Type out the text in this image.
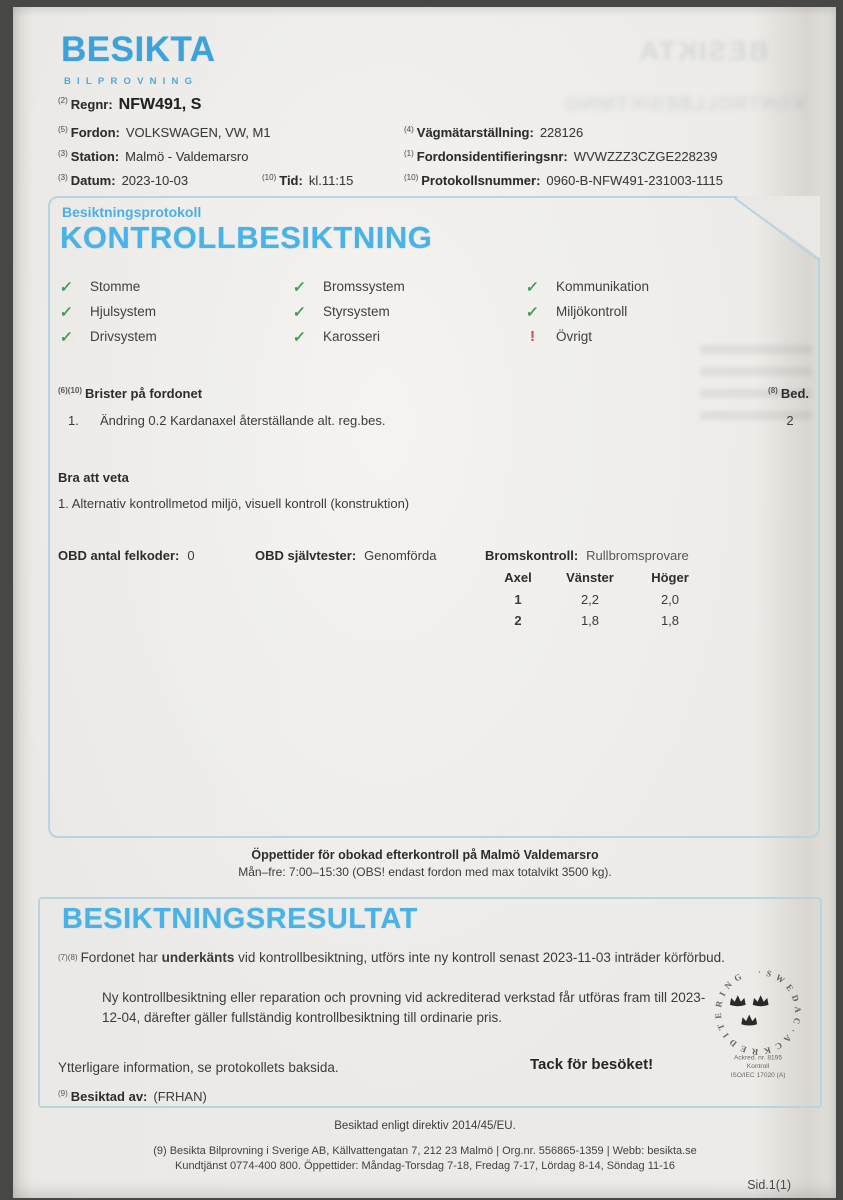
BESIKTA
BESIKTA
BILPROVNING
$^{(2)}$ Regnr: NFW491, S
$^{(5)}$ Fordon: VOLKSWAGEN, VW, M1
$^{(3)}$ Station: Malmö - Valdemarsro
$^{(3)}$ Datum: 2023-10-03	$^{(10)}$ Tid: kl.11:15
$^{(4)}$ Vägmätarställning: 228126
$^{(1)}$ Fordonsidentifieringsnr: WVWZZZ3CZGE228239
$^{(10)}$ Protokollsnummer: 0960-B-NFW491-231003-1115
Besiktningsprotokoll
KONTROLLBESIKTNING
✓	Stomme
✓	Hjulsystem
✓	Drivsystem
✓	Bromssystem
✓	Styrsystem
✓	Karosseri
✓	Kommunikation
✓	Miljökontroll
!	Övrigt
$^{(6)(10)}$ Brister på fordonet	$^{(8)}$ Bed.
1. Ändring 0.2 Kardanaxel återställande alt. reg.bes.	2
Bra att veta
1. Alternativ kontrollmetod miljö, visuell kontroll (konstruktion)
OBD antal felkoder: 0	OBD självtester: Genomförda	Bromskontroll: Rullbromsprovare
Axel	Vänster	Höger
1	2,2	2,0
2	1,8	1,8
Öppettider för obokad efterkontroll på Malmö Valdemarsro
Mån–fre: 7:00–15:30 (OBS! endast fordon med max totalvikt 3500 kg).
BESIKTNINGSRESULTAT
$^{(7)(8)}$ Fordonet har underkänts vid kontrollbesiktning, utförs inte ny kontroll senast 2023-11-03 inträder körförbud.
Ny kontrollbesiktning eller reparation och provning vid ackrediterad verkstad får utföras fram till 2023-12-04, därefter gäller fullständig kontrollbesiktning till ordinarie pris.
Ytterligare information, se protokollets baksida.	Tack för besöket!
$^{(9)}$ Besiktad av: (FRHAN)
· S W E D A C · A C K R E D I T E R I N G
Ackred. nr. 8195
Kontroll
ISO/IEC 17020 (A)
Besiktad enligt direktiv 2014/45/EU.
(9) Besikta Bilprovning i Sverige AB, Källvattengatan 7, 212 23 Malmö | Org.nr. 556865-1359 | Webb: besikta.se
Kundtjänst 0774-400 800. Öppettider: Måndag-Torsdag 7-18, Fredag 7-17, Lördag 8-14, Söndag 11-16
Sid.1(1)
